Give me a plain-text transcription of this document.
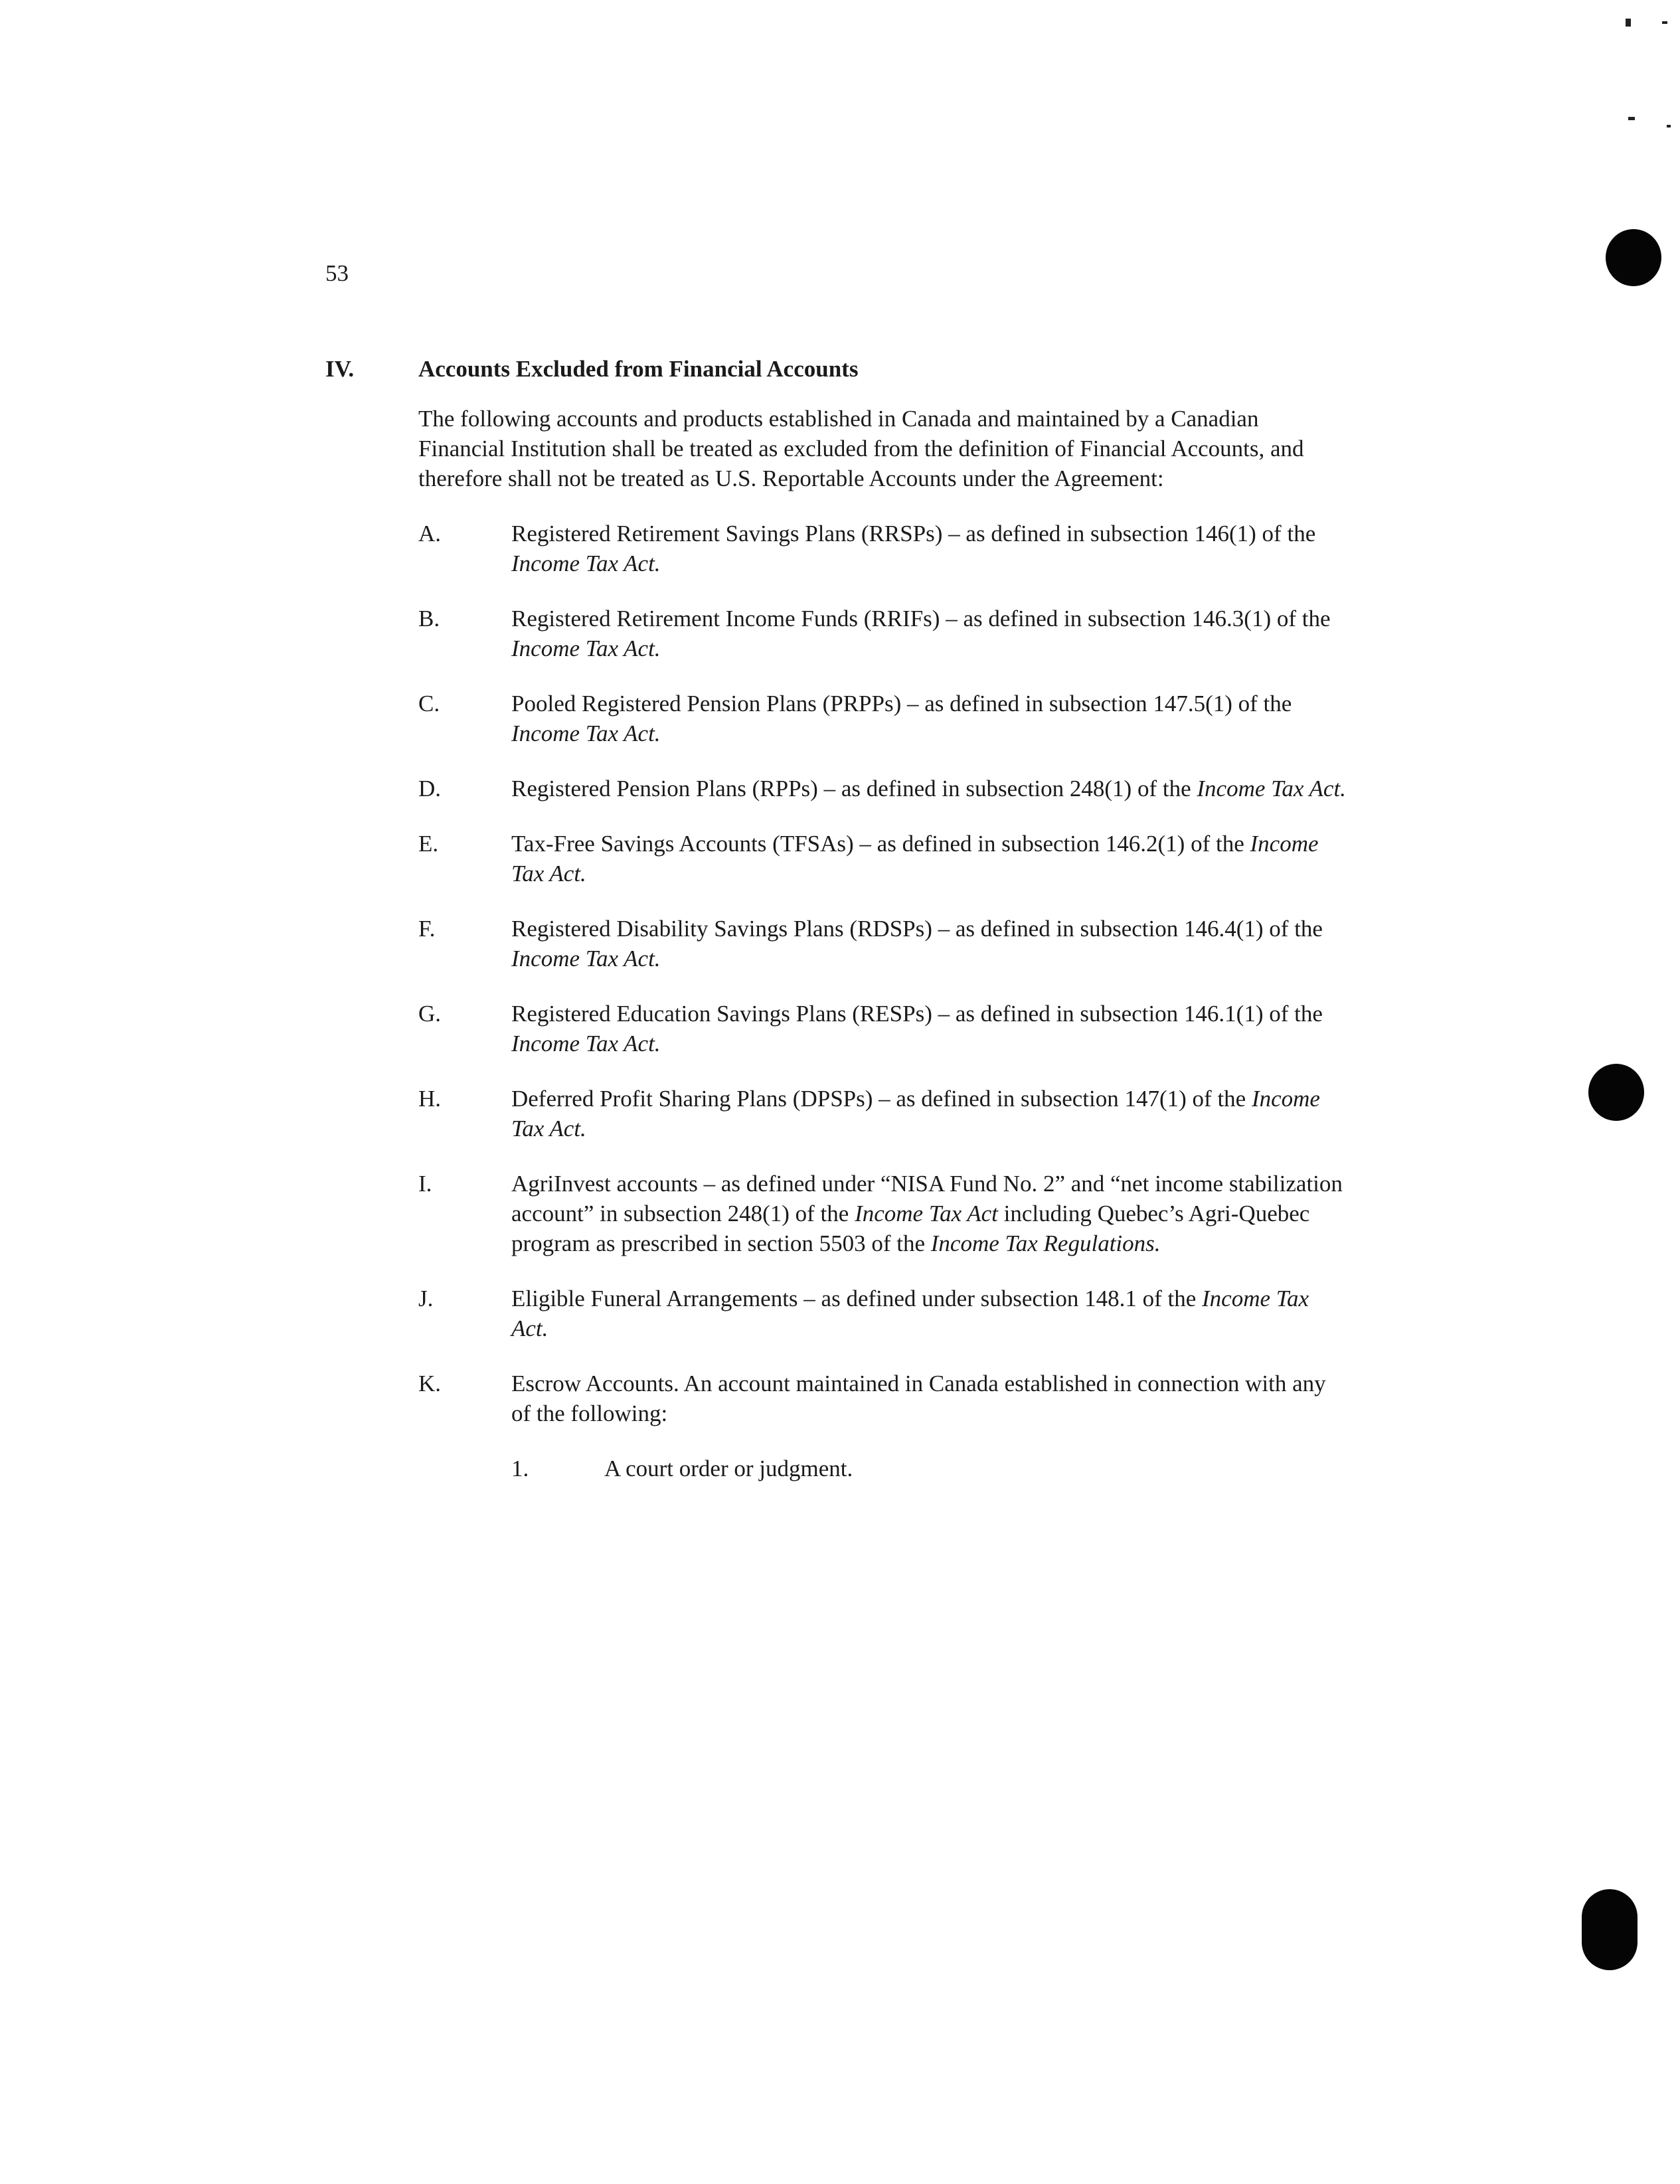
53
IV.	Accounts Excluded from Financial Accounts

The following accounts and products established in Canada and maintained by a Canadian Financial Institution shall be treated as excluded from the definition of Financial Accounts, and therefore shall not be treated as U.S. Reportable Accounts under the Agreement:

A.	Registered Retirement Savings Plans (RRSPs) – as defined in subsection 146(1) of the Income Tax Act.
B.	Registered Retirement Income Funds (RRIFs) – as defined in subsection 146.3(1) of the Income Tax Act.
C.	Pooled Registered Pension Plans (PRPPs) – as defined in subsection 147.5(1) of the Income Tax Act.
D.	Registered Pension Plans (RPPs) – as defined in subsection 248(1) of the Income Tax Act.
E.	Tax-Free Savings Accounts (TFSAs) – as defined in subsection 146.2(1) of the Income Tax Act.
F.	Registered Disability Savings Plans (RDSPs) – as defined in subsection 146.4(1) of the Income Tax Act.
G.	Registered Education Savings Plans (RESPs) – as defined in subsection 146.1(1) of the Income Tax Act.
H.	Deferred Profit Sharing Plans (DPSPs) – as defined in subsection 147(1) of the Income Tax Act.
I.	AgriInvest accounts – as defined under “NISA Fund No. 2” and “net income stabilization account” in subsection 248(1) of the Income Tax Act including Quebec’s Agri-Quebec program as prescribed in section 5503 of the Income Tax Regulations.
J.	Eligible Funeral Arrangements – as defined under subsection 148.1 of the Income Tax Act.
K.	Escrow Accounts. An account maintained in Canada established in connection with any of the following:
1.	A court order or judgment.
